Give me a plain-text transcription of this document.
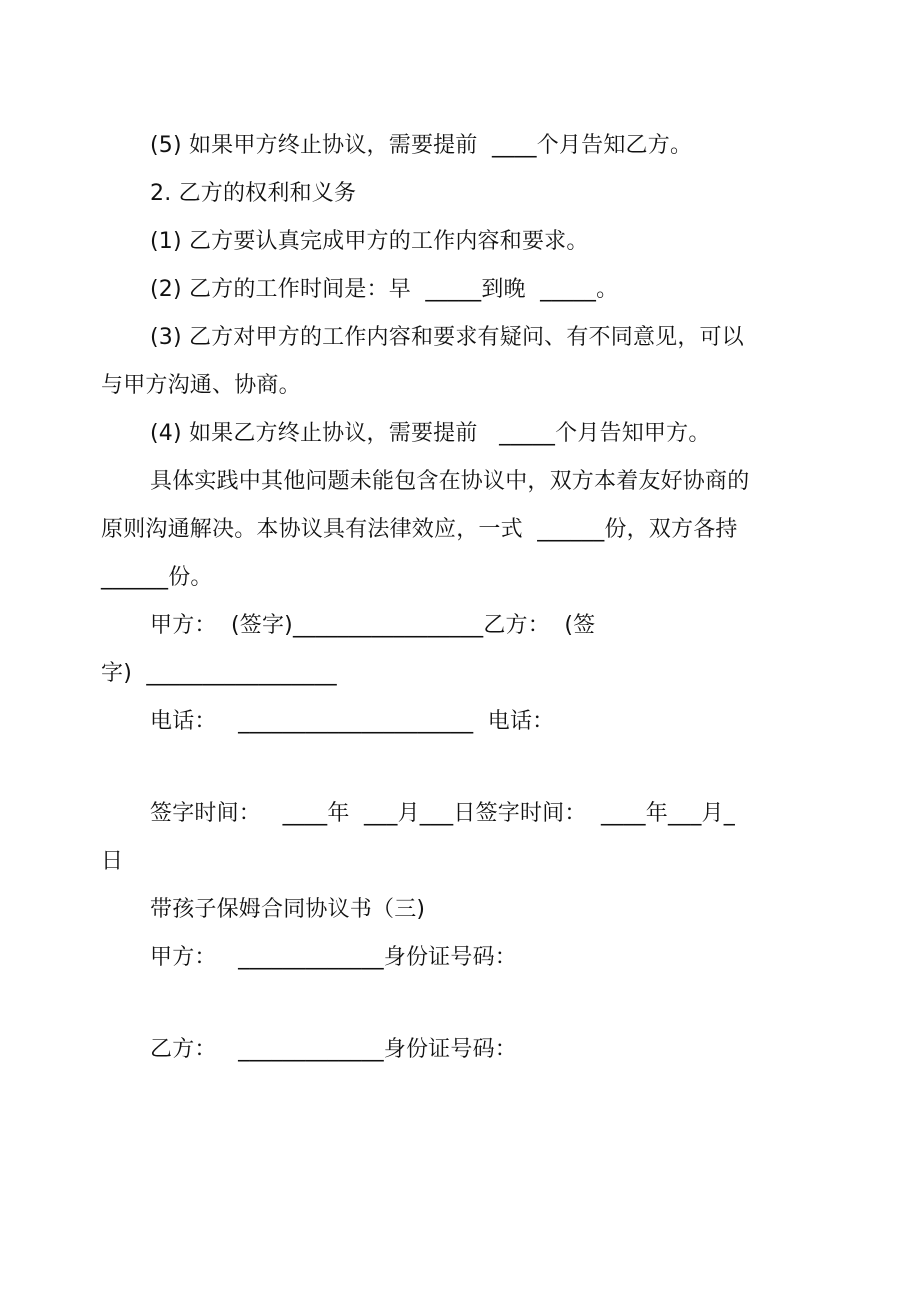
(5) 如果甲方终止协议，需要提前  ____个月告知乙方。
2. 乙方的权利和义务
(1) 乙方要认真完成甲方的工作内容和要求。
(2) 乙方的工作时间是：早  _____到晚  _____。
(3) 乙方对甲方的工作内容和要求有疑问、有不同意见，可以
与甲方沟通、协商。
(4) 如果乙方终止协议，需要提前   _____个月告知甲方。
具体实践中其他问题未能包含在协议中，双方本着友好协商的
原则沟通解决。本协议具有法律效应，一式  ______份，双方各持
______份。
甲方：  (签字)_________________乙方：  (签
字)  _________________
电话：   _____________________  电话：
签字时间：   ____年  ___月___日签字时间：  ____年___月_
日
带孩子保姆合同协议书（三)
甲方：   _____________身份证号码：
乙方：   _____________身份证号码：
